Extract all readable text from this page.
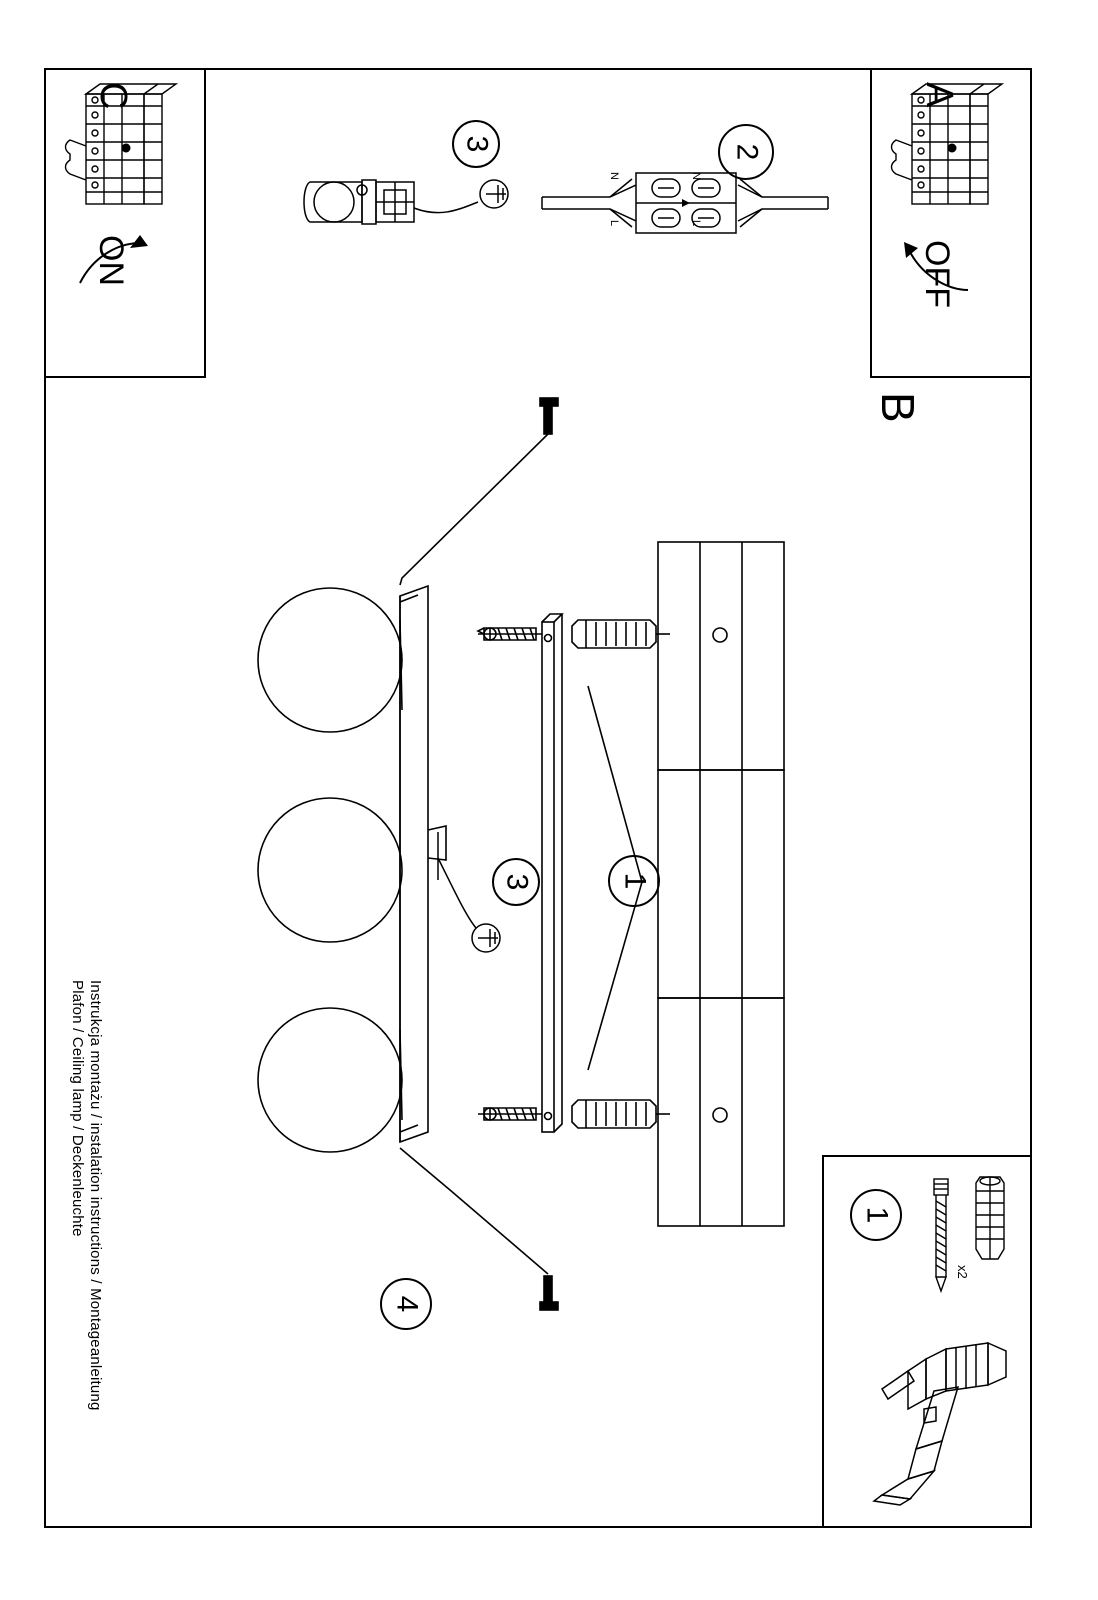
C
ON
A
OFF
B
2
N	N
L	L
3
3	1
4
1
x2
Instrukcja montażu / instalation instructions / Montageanleitung
Plafon / Ceiling lamp / Deckenleuchte
